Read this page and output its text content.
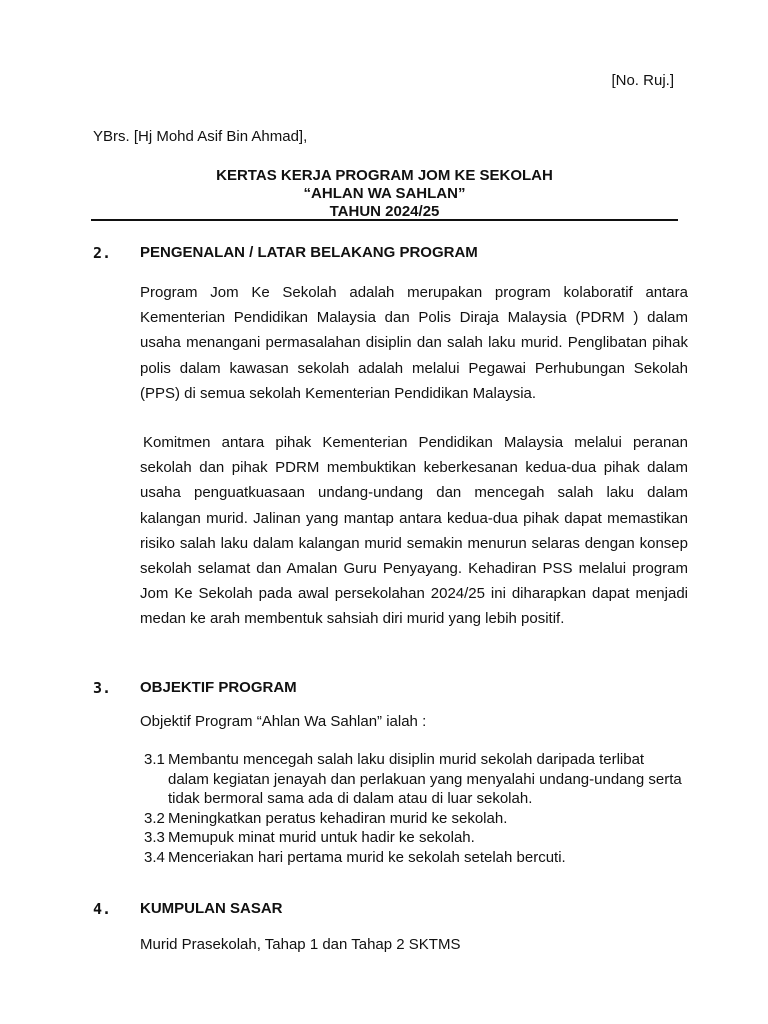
[No. Ruj.]
YBrs. [Hj Mohd Asif Bin Ahmad],
KERTAS KERJA PROGRAM JOM KE SEKOLAH
“AHLAN WA SAHLAN”
TAHUN 2024/25
2. PENGENALAN / LATAR BELAKANG PROGRAM

Program Jom Ke Sekolah adalah merupakan program kolaboratif antara Kementerian Pendidikan Malaysia dan Polis Diraja Malaysia (PDRM ) dalam usaha menangani permasalahan disiplin dan salah laku murid. Penglibatan pihak polis dalam kawasan sekolah adalah melalui Pegawai Perhubungan Sekolah (PPS) di semua sekolah Kementerian Pendidikan Malaysia.

Komitmen antara pihak Kementerian Pendidikan Malaysia melalui peranan sekolah dan pihak PDRM membuktikan keberkesanan kedua-dua pihak dalam usaha penguatkuasaan undang-undang dan mencegah salah laku dalam kalangan murid. Jalinan yang mantap antara kedua-dua pihak dapat memastikan risiko salah laku dalam kalangan murid semakin menurun selaras dengan konsep sekolah selamat dan Amalan Guru Penyayang. Kehadiran PSS melalui program Jom Ke Sekolah pada awal persekolahan 2024/25 ini diharapkan dapat menjadi medan ke arah membentuk sahsiah diri murid yang lebih positif.

3. OBJEKTIF PROGRAM
Objektif Program “Ahlan Wa Sahlan” ialah :
3.1 Membantu mencegah salah laku disiplin murid sekolah daripada terlibat dalam kegiatan jenayah dan perlakuan yang menyalahi undang-undang serta tidak bermoral sama ada di dalam atau di luar sekolah.
3.2 Meningkatkan peratus kehadiran murid ke sekolah.
3.3 Memupuk minat murid untuk hadir ke sekolah.
3.4 Menceriakan hari pertama murid ke sekolah setelah bercuti.
4. KUMPULAN SASAR
Murid Prasekolah, Tahap 1 dan Tahap 2 SKTMS
